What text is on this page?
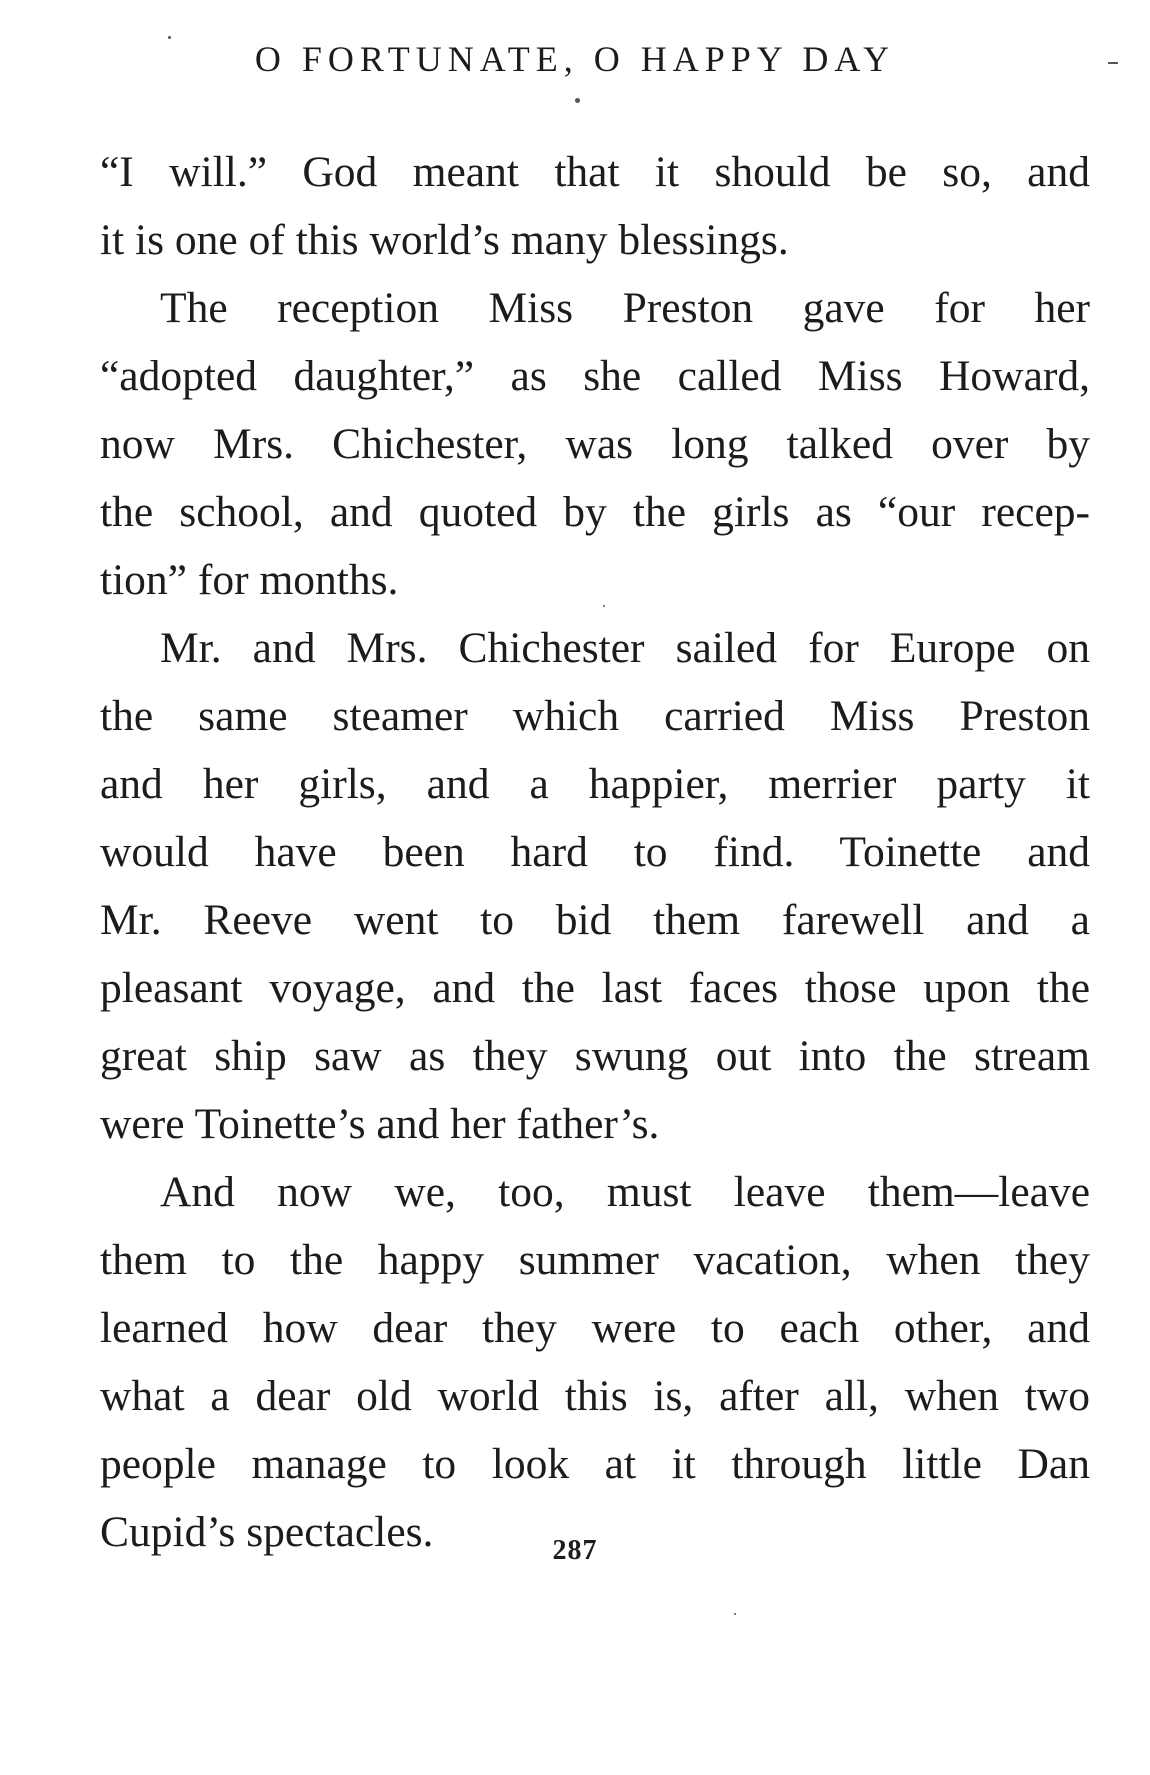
O FORTUNATE, O HAPPY DAY
“I will.” God meant that it should be so, and
it is one of this world’s many blessings.
The reception Miss Preston gave for her
“adopted daughter,” as she called Miss Howard,
now Mrs. Chichester, was long talked over by
the school, and quoted by the girls as “our recep-
tion” for months.
Mr. and Mrs. Chichester sailed for Europe on
the same steamer which carried Miss Preston
and her girls, and a happier, merrier party it
would have been hard to find. Toinette and
Mr. Reeve went to bid them farewell and a
pleasant voyage, and the last faces those upon the
great ship saw as they swung out into the stream
were Toinette’s and her father’s.
And now we, too, must leave them—leave
them to the happy summer vacation, when they
learned how dear they were to each other, and
what a dear old world this is, after all, when two
people manage to look at it through little Dan
Cupid’s spectacles.	287
